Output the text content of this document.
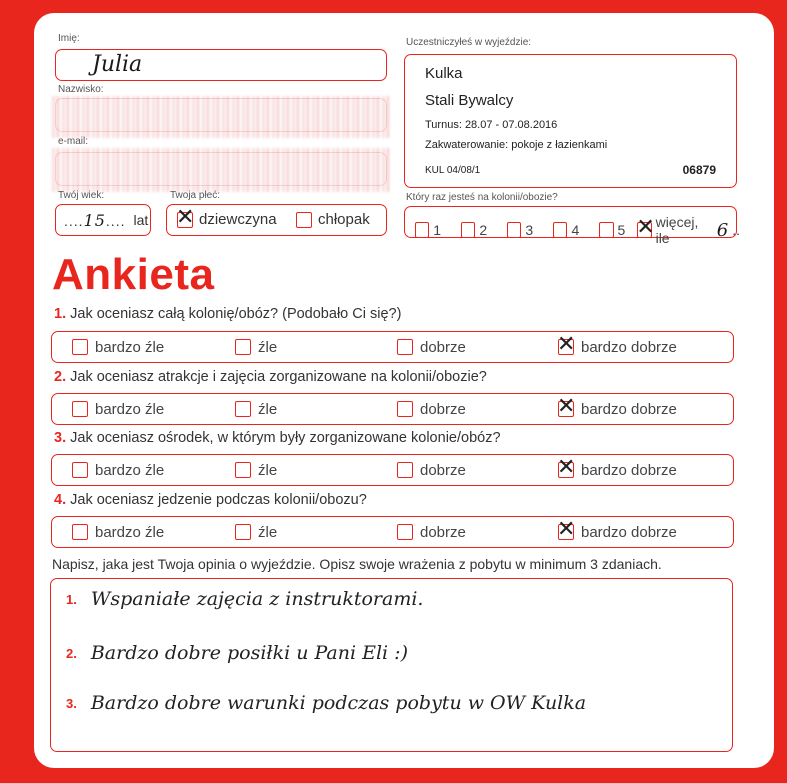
Imię:
Julia
Nazwisko:
e-mail:
Twój wiek:
....15.... lat
Twoja płeć:
✕ dziewczyna	chłopak
Uczestniczyłeś w wyjeździe:

Kulka

Stali Bywalcy

Turnus: 28.07 - 07.08.2016

Zakwaterowanie: pokoje z łazienkami

KUL 04/08/1	06879

Który raz jesteś na kolonii/obozie?
1	2	3	4	5 ✕ więcej, ile	6 ..
Ankieta
1. Jak oceniasz całą kolonię/obóz? (Podobało Ci się?)
bardzo źle	źle	dobrze	✕ bardzo dobrze
2. Jak oceniasz atrakcje i zajęcia zorganizowane na kolonii/obozie?
bardzo źle	źle	dobrze	✕ bardzo dobrze
3. Jak oceniasz ośrodek, w którym były zorganizowane kolonie/obóz?
bardzo źle	źle	dobrze	✕ bardzo dobrze
4. Jak oceniasz jedzenie podczas kolonii/obozu?
bardzo źle	źle	dobrze	✕ bardzo dobrze
Napisz, jaka jest Twoja opinia o wyjeździe. Opisz swoje wrażenia z pobytu w minimum 3 zdaniach.
1. Wspaniałe zajęcia z instruktorami.
2. Bardzo dobre posiłki u Pani Eli :)
3. Bardzo dobre warunki podczas pobytu w OW Kulka
